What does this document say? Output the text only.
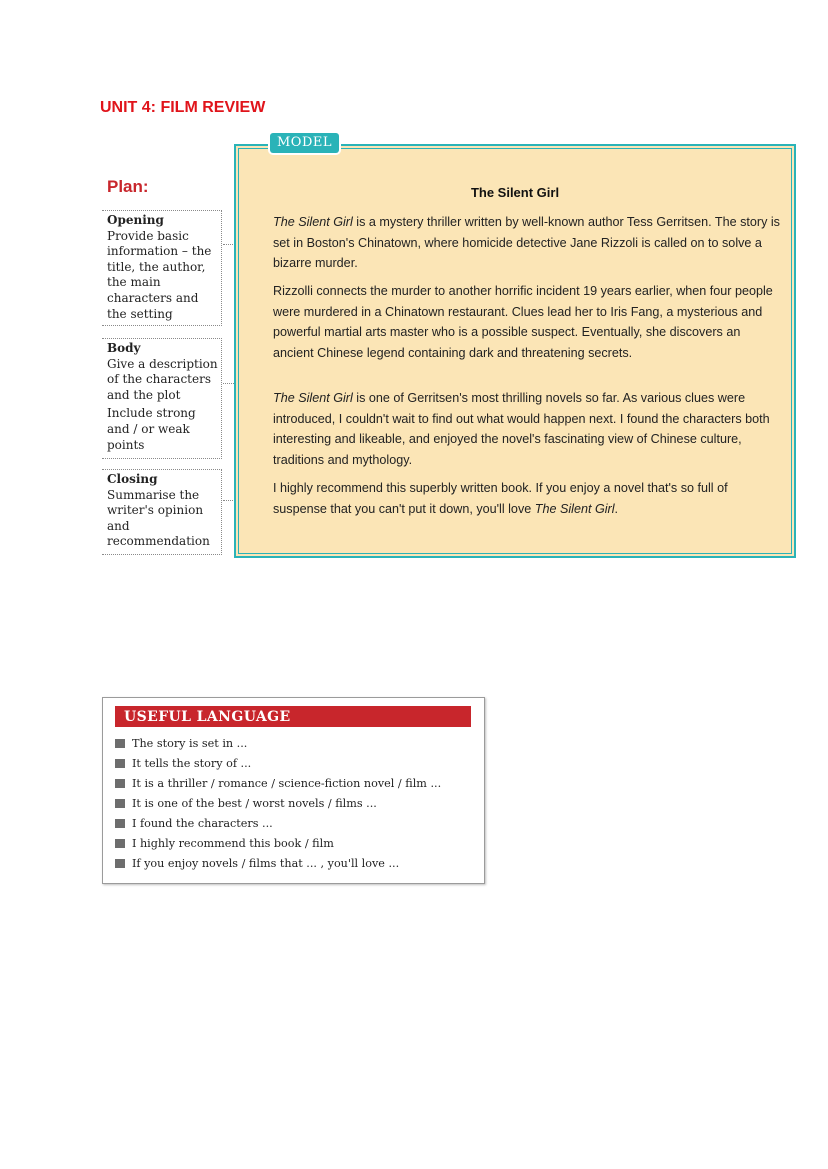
UNIT 4: FILM REVIEW
Plan:
Opening
Provide basic information – the title, the author, the main characters and the setting
Body
Give a description of the characters and the plot
Include strong and / or weak points
Closing
Summarise the writer's opinion and recommendation
MODEL
The Silent Girl

The Silent Girl is a mystery thriller written by well-known author Tess Gerritsen. The story is set in Boston's Chinatown, where homicide detective Jane Rizzoli is called on to solve a bizarre murder.

Rizzolli connects the murder to another horrific incident 19 years earlier, when four people were murdered in a Chinatown restaurant. Clues lead her to Iris Fang, a mysterious and powerful martial arts master who is a possible suspect. Eventually, she discovers an ancient Chinese legend containing dark and threatening secrets.

The Silent Girl is one of Gerritsen's most thrilling novels so far. As various clues were introduced, I couldn't wait to find out what would happen next. I found the characters both interesting and likeable, and enjoyed the novel's fascinating view of Chinese culture, traditions and mythology.

I highly recommend this superbly written book. If you enjoy a novel that's so full of suspense that you can't put it down, you'll love The Silent Girl.

USEFUL LANGUAGE
The story is set in ...
It tells the story of ...
It is a thriller / romance / science-fiction novel / film ...
It is one of the best / worst novels / films ...
I found the characters ...
I highly recommend this book / film
If you enjoy novels / films that ... , you'll love ...
